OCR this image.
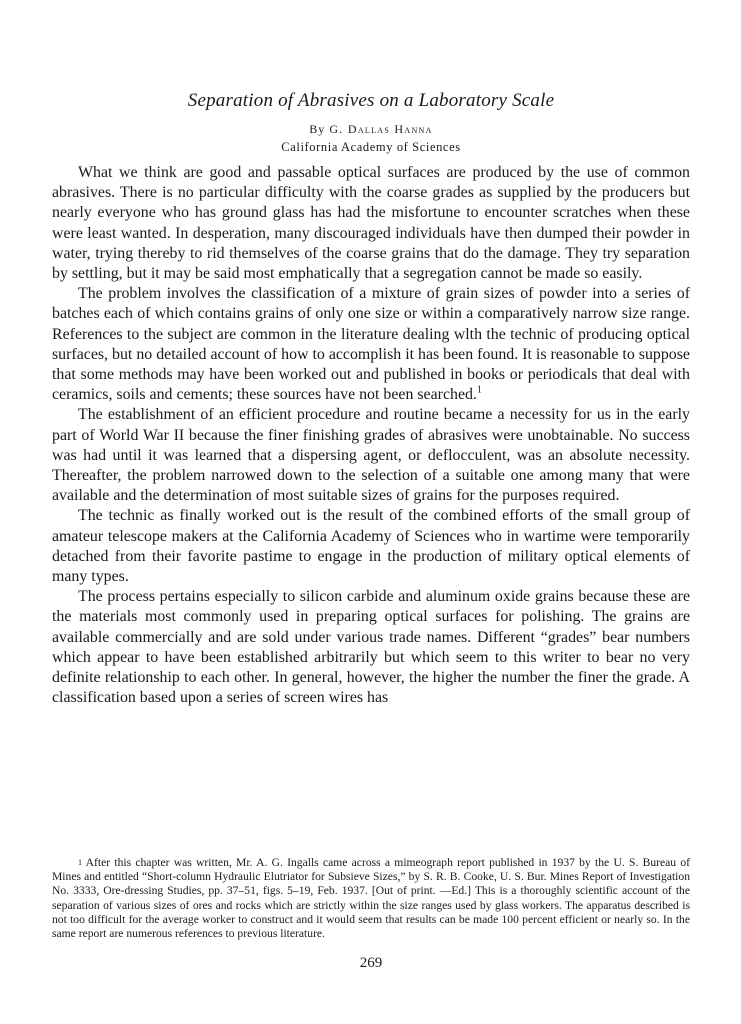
Separation of Abrasives on a Laboratory Scale
By G. Dallas Hanna
California Academy of Sciences

What we think are good and passable optical surfaces are produced by the use of common abrasives. There is no particular difficulty with the coarse grades as supplied by the producers but nearly everyone who has ground glass has had the misfortune to encounter scratches when these were least wanted. In desperation, many discouraged individuals have then dumped their powder in water, trying thereby to rid themselves of the coarse grains that do the damage. They try separation by settling, but it may be said most emphatically that a segregation cannot be made so easily.

The problem involves the classification of a mixture of grain sizes of powder into a series of batches each of which contains grains of only one size or within a comparatively narrow size range. References to the subject are common in the literature dealing wlth the technic of producing optical surfaces, but no detailed account of how to accomplish it has been found. It is reasonable to suppose that some methods may have been worked out and published in books or periodicals that deal with ceramics, soils and cements; these sources have not been searched.$^1$

The establishment of an efficient procedure and routine became a necessity for us in the early part of World War II because the finer finishing grades of abrasives were unobtainable. No success was had until it was learned that a dispersing agent, or deflocculent, was an absolute necessity. Thereafter, the problem narrowed down to the selection of a suitable one among many that were available and the determination of most suitable sizes of grains for the purposes required.

The technic as finally worked out is the result of the combined efforts of the small group of amateur telescope makers at the California Academy of Sciences who in wartime were temporarily detached from their favorite pastime to engage in the production of military optical elements of many types.

The process pertains especially to silicon carbide and aluminum oxide grains because these are the materials most commonly used in preparing optical surfaces for polishing. The grains are available commercially and are sold under various trade names. Different “grades” bear numbers which appear to have been established arbitrarily but which seem to this writer to bear no very definite relationship to each other. In general, however, the higher the number the finer the grade. A classification based upon a series of screen wires has

$^1$ After this chapter was written, Mr. A. G. Ingalls came across a mimeograph report published in 1937 by the U. S. Bureau of Mines and entitled “Short-column Hydraulic Elutriator for Subsieve Sizes,” by S. R. B. Cooke, U. S. Bur. Mines Report of Investigation No. 3333, Ore-dressing Studies, pp. 37–51, figs. 5–19, Feb. 1937. [Out of print. —Ed.] This is a thoroughly scientific account of the separation of various sizes of ores and rocks which are strictly within the size ranges used by glass workers. The apparatus described is not too difficult for the average worker to construct and it would seem that results can be made 100 percent efficient or nearly so. In the same report are numerous references to previous literature.

269
